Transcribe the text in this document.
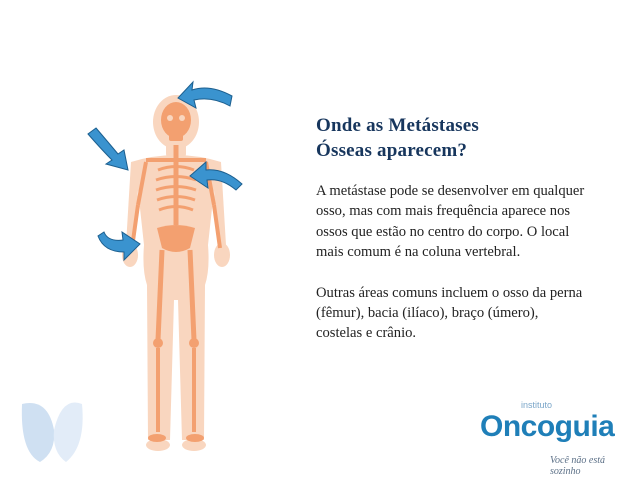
Onde as Metástases
Ósseas aparecem?

A metástase pode se desenvolver em qualquer osso, mas com mais frequência aparece nos ossos que estão no centro do corpo. O local mais comum é na coluna vertebral.

Outras áreas comuns incluem o osso da perna (fêmur), bacia (ilíaco), braço (úmero), costelas e crânio.

instituto
Oncoguia
Você não está sozinho
